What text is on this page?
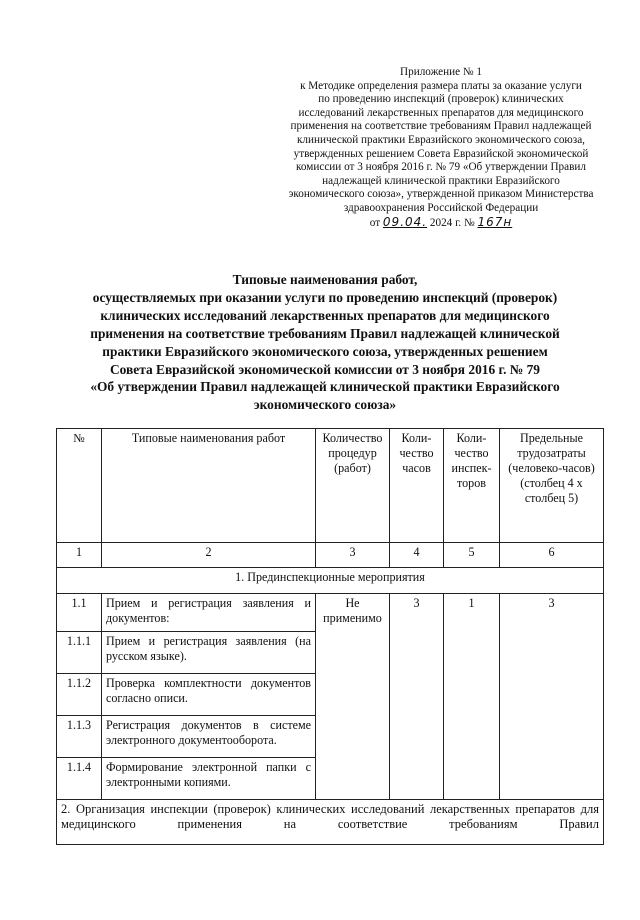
Приложение № 1
к Методике определения размера платы за оказание услуги
по проведению инспекций (проверок) клинических
исследований лекарственных препаратов для медицинского
применения на соответствие требованиям Правил надлежащей
клинической практики Евразийского экономического союза,
утвержденных решением Совета Евразийской экономической
комиссии от 3 ноября 2016 г. № 79 «Об утверждении Правил
надлежащей клинической практики Евразийского
экономического союза», утвержденной приказом Министерства
здравоохранения Российской Федерации
от 09.04. 2024 г. № 167н
Типовые наименования работ,
осуществляемых при оказании услуги по проведению инспекций (проверок)
клинических исследований лекарственных препаратов для медицинского
применения на соответствие требованиям Правил надлежащей клинической
практики Евразийского экономического союза, утвержденных решением
Совета Евразийской экономической комиссии от 3 ноября 2016 г. № 79
«Об утверждении Правил надлежащей клинической практики Евразийского
экономического союза»
№	Типовые наименования работ	Количество процедур (работ)	Коли-чество часов	Коли-чество инспек-торов	Предельные трудозатраты (человеко-часов) (столбец 4 х столбец 5)
1	2	3	4	5	6
1. Прединспекционные мероприятия					
1.1	Прием и регистрация заявления и документов:	Не применимо	3	1	3
1.1.1	Прием и регистрация заявления (на русском языке).				
1.1.2	Проверка комплектности документов согласно описи.				
1.1.3	Регистрация документов в системе электронного документооборота.				
1.1.4	Формирование электронной папки с электронными копиями.				
2. Организация инспекции (проверок) клинических исследований лекарственных препаратов для медицинского применения на соответствие требованиям Правил					
